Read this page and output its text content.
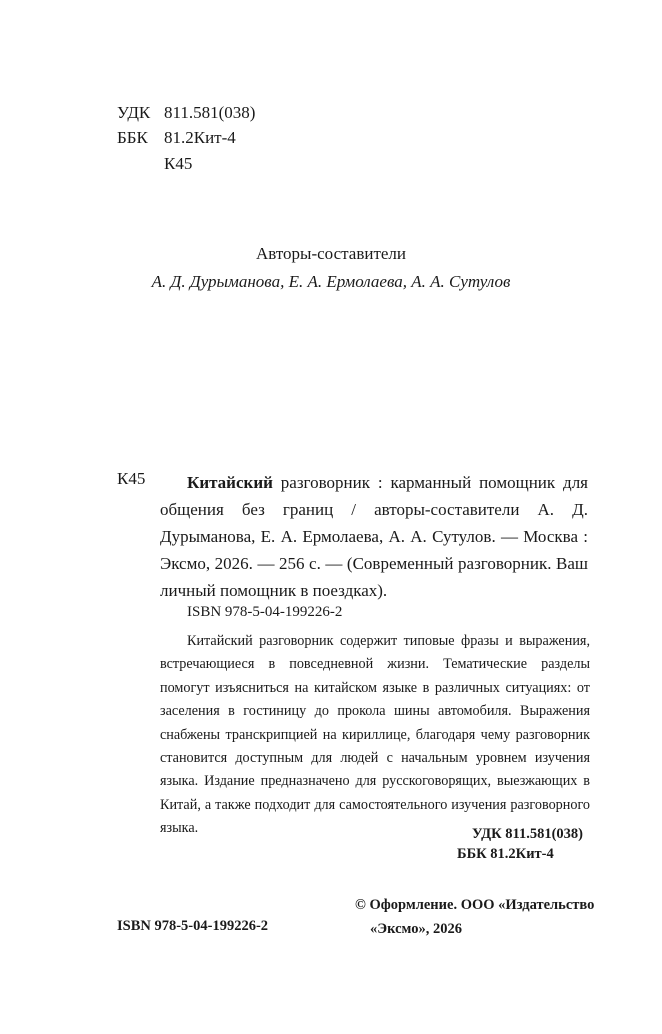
УДК 811.581(038)
ББК 81.2Кит-4
К45
Авторы-составители
А. Д. Дурыманова, Е. А. Ермолаева, А. А. Сутулов
К45	Китайский разговорник : карманный помощник для общения без границ / авторы-составители А. Д. Дурыманова, Е. А. Ермолаева, А. А. Сутулов. — Москва : Эксмо, 2026. — 256 с. — (Современный разговорник. Ваш личный помощник в поездках).
ISBN 978-5-04-199226-2
Китайский разговорник содержит типовые фразы и выражения, встречающиеся в повседневной жизни. Тематические разделы помогут изъясниться на китайском языке в различных ситуациях: от заселения в гостиницу до прокола шины автомобиля. Выражения снабжены транскрипцией на кириллице, благодаря чему разговорник становится доступным для людей с начальным уровнем изучения языка. Издание предназначено для русскоговорящих, выезжающих в Китай, а также подходит для самостоятельного изучения разговорного языка.	УДК 811.581(038)
ББК 81.2Кит-4
© Оформление. ООО «Издательство
«Эксмо», 2026
ISBN 978-5-04-199226-2
